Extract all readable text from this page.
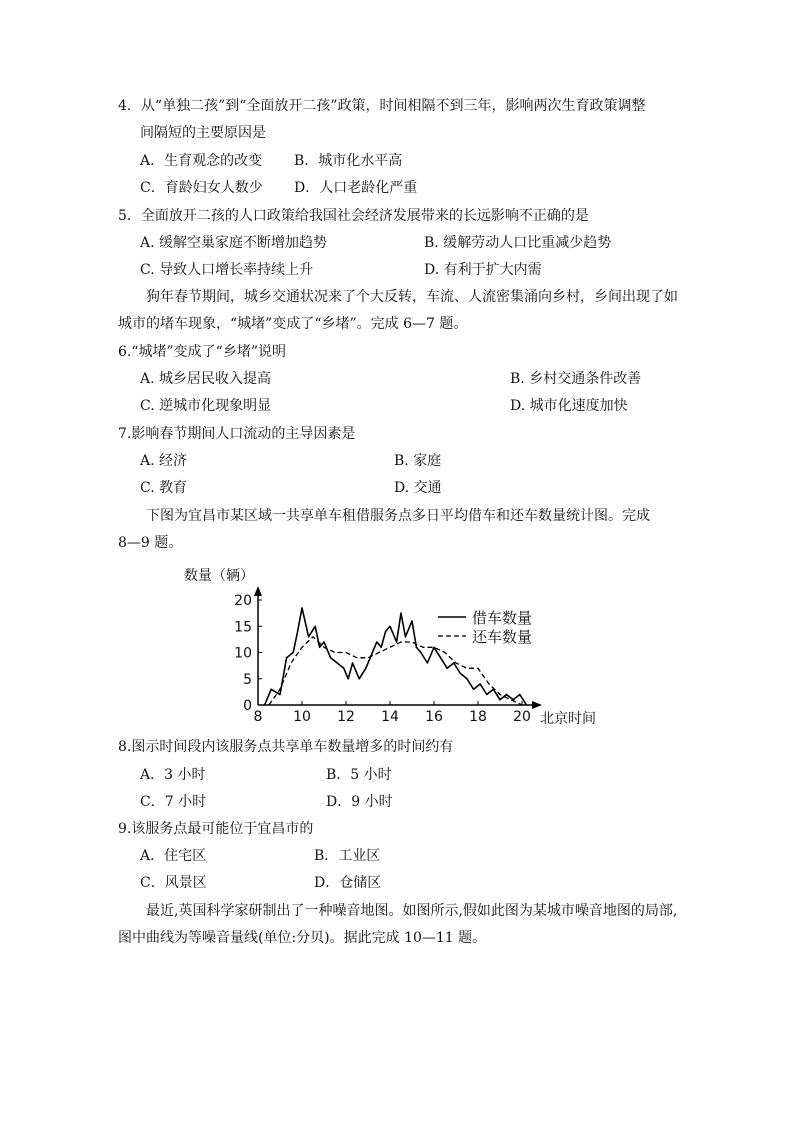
4．从“单独二孩”到“全面放开二孩”政策，时间相隔不到三年，影响两次生育政策调整
间隔短的主要原因是
A．生育观念的改变 B．城市化水平高
C．育龄妇女人数少 D．人口老龄化严重
5．全面放开二孩的人口政策给我国社会经济发展带来的长远影响不正确的是
A. 缓解空巢家庭不断增加趋势	B. 缓解劳动人口比重减少趋势
C. 导致人口增长率持续上升	D. 有利于扩大内需
狗年春节期间，城乡交通状况来了个大反转，车流、人流密集涌向乡村，乡间出现了如
城市的堵车现象，“城堵”变成了“乡堵”。完成 6—7 题。
6.“城堵”变成了“乡堵”说明
A. 城乡居民收入提高	B. 乡村交通条件改善
C. 逆城市化现象明显	D. 城市化速度加快
7.影响春节期间人口流动的主导因素是
A. 经济	B. 家庭
C. 教育	D. 交通
下图为宜昌市某区域一共享单车租借服务点多日平均借车和还车数量统计图。完成
8—9 题。
0
5
10
15
20
8 10 12 14 16 18 20
借车数量
还车数量
数量（辆）
北京时间
8.图示时间段内该服务点共享单车数量增多的时间约有
A．3 小时	B．5 小时
C．7 小时	D．9 小时
9.该服务点最可能位于宜昌市的
A．住宅区	B．工业区
C．风景区	D．仓储区
最近,英国科学家研制出了一种噪音地图。如图所示,假如此图为某城市噪音地图的局部,
图中曲线为等噪音量线(单位:分贝)。据此完成 10—11 题。
